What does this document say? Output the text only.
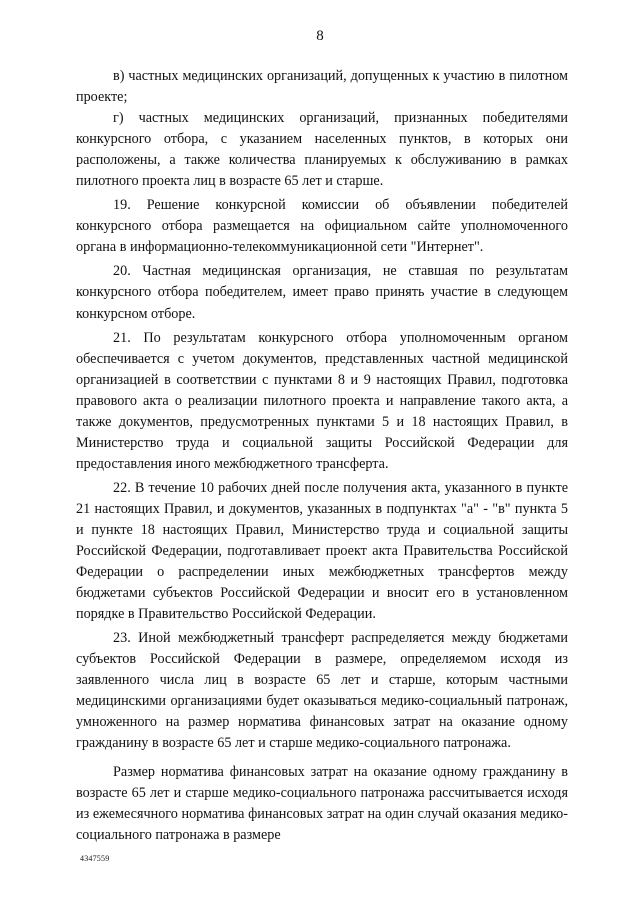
8

в) частных медицинских организаций, допущенных к участию в пилотном проекте;

г) частных медицинских организаций, признанных победителями конкурсного отбора, с указанием населенных пунктов, в которых они расположены, а также количества планируемых к обслуживанию в рамках пилотного проекта лиц в возрасте 65 лет и старше.

19. Решение конкурсной комиссии об объявлении победителей конкурсного отбора размещается на официальном сайте уполномоченного органа в информационно-телекоммуникационной сети "Интернет".

20. Частная медицинская организация, не ставшая по результатам конкурсного отбора победителем, имеет право принять участие в следующем конкурсном отборе.

21. По результатам конкурсного отбора уполномоченным органом обеспечивается с учетом документов, представленных частной медицинской организацией в соответствии с пунктами 8 и 9 настоящих Правил, подготовка правового акта о реализации пилотного проекта и направление такого акта, а также документов, предусмотренных пунктами 5 и 18 настоящих Правил, в Министерство труда и социальной защиты Российской Федерации для предоставления иного межбюджетного трансферта.

22. В течение 10 рабочих дней после получения акта, указанного в пункте 21 настоящих Правил, и документов, указанных в подпунктах "а" - "в" пункта 5 и пункте 18 настоящих Правил, Министерство труда и социальной защиты Российской Федерации, подготавливает проект акта Правительства Российской Федерации о распределении иных межбюджетных трансфертов между бюджетами субъектов Российской Федерации и вносит его в установленном порядке в Правительство Российской Федерации.

23. Иной межбюджетный трансферт распределяется между бюджетами субъектов Российской Федерации в размере, определяемом исходя из заявленного числа лиц в возрасте 65 лет и старше, которым частными медицинскими организациями будет оказываться медико-социальный патронаж, умноженного на размер норматива финансовых затрат на оказание одному гражданину в возрасте 65 лет и старше медико-социального патронажа.

Размер норматива финансовых затрат на оказание одному гражданину в возрасте 65 лет и старше медико-социального патронажа рассчитывается исходя из ежемесячного норматива финансовых затрат на один случай оказания медико-социального патронажа в размере

4347559
